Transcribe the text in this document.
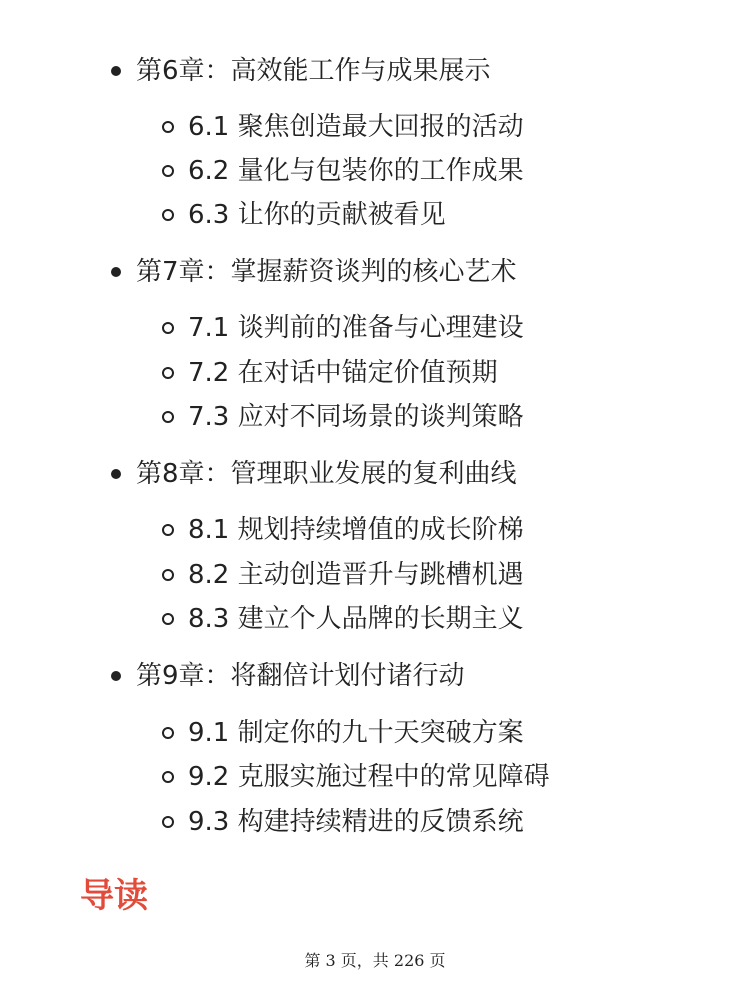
第6章：高效能工作与成果展示
6.1 聚焦创造最大回报的活动
6.2 量化与包装你的工作成果
6.3 让你的贡献被看见
第7章：掌握薪资谈判的核心艺术
7.1 谈判前的准备与心理建设
7.2 在对话中锚定价值预期
7.3 应对不同场景的谈判策略
第8章：管理职业发展的复利曲线
8.1 规划持续增值的成长阶梯
8.2 主动创造晋升与跳槽机遇
8.3 建立个人品牌的长期主义
第9章：将翻倍计划付诸行动
9.1 制定你的九十天突破方案
9.2 克服实施过程中的常见障碍
9.3 构建持续精进的反馈系统
导读
第 3 页，共 226 页
